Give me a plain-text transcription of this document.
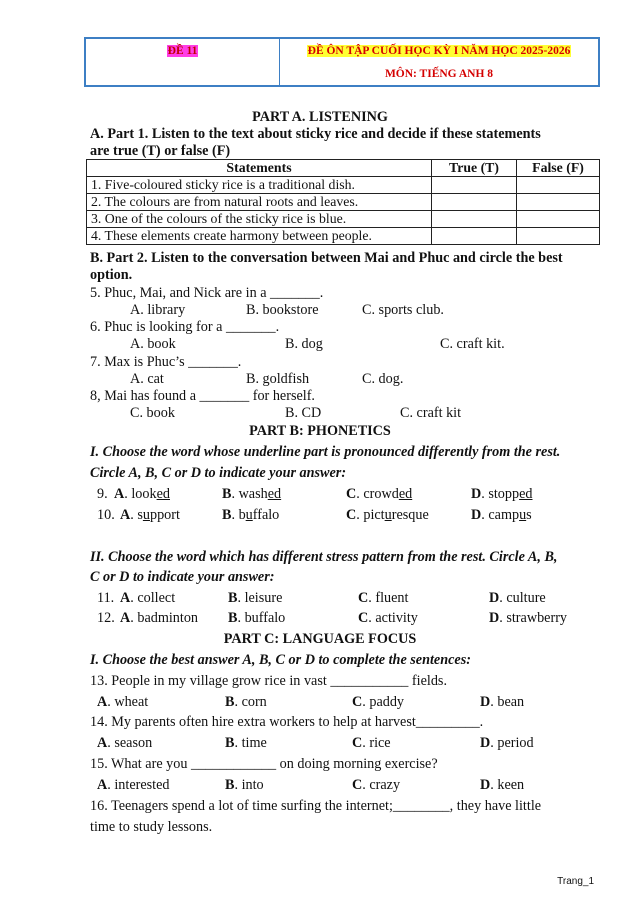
ĐỀ 11	ĐỀ ÔN TẬP CUỐI HỌC KỲ I NĂM HỌC 2025-2026
MÔN: TIẾNG ANH 8
PART A. LISTENING
A. Part 1. Listen to the text about sticky rice and decide if these statements
are true (T) or false (F)
Statements	True (T)	False (F)
1. Five-coloured sticky rice is a traditional dish.		
2. The colours are from natural roots and leaves.		
3. One of the colours of the sticky rice is blue.		
4. These elements create harmony between people.		
B. Part 2. Listen to the conversation between Mai and Phuc and circle the best
option.
5. Phuc, Mai, and Nick are in a _______.
A. library	B. bookstore	C. sports club.
6. Phuc is looking for a _______.
A. book	B. dog	C. craft kit.
7. Max is Phuc’s _______.
A. cat	B. goldfish	C. dog.
8, Mai has found a _______ for herself.
C. book	B. CD	C. craft kit
PART B: PHONETICS
I. Choose the word whose underline part is pronounced differently from the rest.
Circle A, B, C or D to indicate your answer:
9. A. looked	B. washed	C. crowded	D. stopped
10. A. support	B. buffalo	C. picturesque	D. campus
II. Choose the word which has different stress pattern from the rest. Circle A, B,
C or D to indicate your answer:
11. A. collect	B. leisure	C. fluent	D. culture
12. A. badminton B. buffalo	C. activity	D. strawberry
PART C: LANGUAGE FOCUS
I. Choose the best answer A, B, C or D to complete the sentences:
13. People in my village grow rice in vast ___________ fields.
A. wheat	B. corn	C. paddy	D. bean
14. My parents often hire extra workers to help at harvest_________.
A. season	B. time	C. rice	D. period
15. What are you ____________ on doing morning exercise?
A. interested	B. into	C. crazy	D. keen
16. Teenagers spend a lot of time surfing the internet;________, they have little
time to study lessons.
Trang_1
